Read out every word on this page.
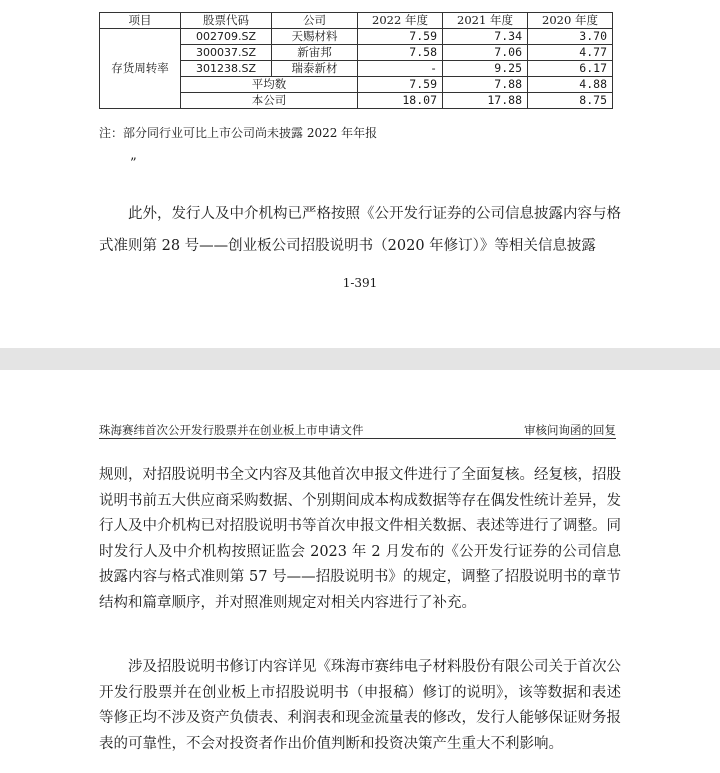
项目	股票代码	公司	2022 年度	2021 年度	2020 年度
存货周转率	002709.SZ	天赐材料	7.59	7.34	3.70
	300037.SZ	新宙邦	7.58	7.06	4.77
	301238.SZ	瑞泰新材	-	9.25	6.17
	平均数		7.59	7.88	4.88
	本公司		18.07	17.88	8.75
注：部分同行业可比上市公司尚未披露 2022 年年报
”
此外，发行人及中介机构已严格按照《公开发行证券的公司信息披露内容与格式准则第 28 号——创业板公司招股说明书（2020 年修订）》等相关信息披露
1-391
珠海赛纬首次公开发行股票并在创业板上市申请文件	审核问询函的回复
规则，对招股说明书全文内容及其他首次申报文件进行了全面复核。经复核，招股说明书前五大供应商采购数据、个别期间成本构成数据等存在偶发性统计差异，发行人及中介机构已对招股说明书等首次申报文件相关数据、表述等进行了调整。同时发行人及中介机构按照证监会 2023 年 2 月发布的《公开发行证券的公司信息披露内容与格式准则第 57 号——招股说明书》的规定，调整了招股说明书的章节结构和篇章顺序，并对照准则规定对相关内容进行了补充。
涉及招股说明书修订内容详见《珠海市赛纬电子材料股份有限公司关于首次公开发行股票并在创业板上市招股说明书（申报稿）修订的说明》，该等数据和表述等修正均不涉及资产负债表、利润表和现金流量表的修改，发行人能够保证财务报表的可靠性，不会对投资者作出价值判断和投资决策产生重大不利影响。
